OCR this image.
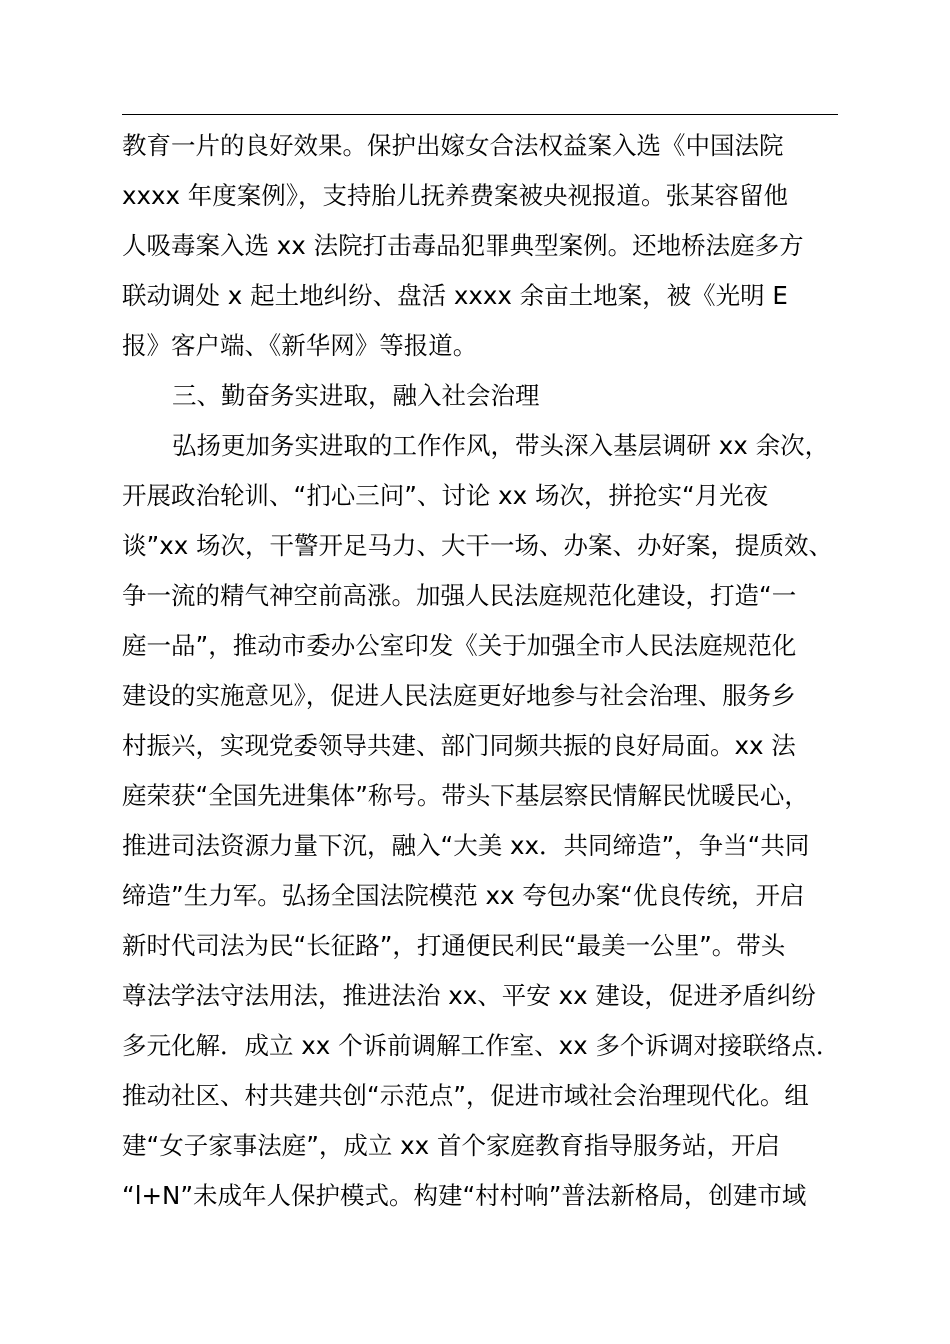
教育一片的良好效果。保护出嫁女合法权益案入选《中国法院
xxxx 年度案例》，支持胎儿抚养费案被央视报道。张某容留他
人吸毒案入选 xx 法院打击毒品犯罪典型案例。还地桥法庭多方
联动调处 x 起土地纠纷、盘活 xxxx 余亩土地案，被《光明 E
报》客户端、《新华网》等报道。
三、勤奋务实进取，融入社会治理
弘扬更加务实进取的工作作风，带头深入基层调研 xx 余次，
开展政治轮训、“扪心三问”、讨论 xx 场次，拼抢实“月光夜
谈”xx 场次，干警开足马力、大干一场、办案、办好案，提质效、
争一流的精气神空前高涨。加强人民法庭规范化建设，打造“一
庭一品”，推动市委办公室印发《关于加强全市人民法庭规范化
建设的实施意见》，促进人民法庭更好地参与社会治理、服务乡
村振兴，实现党委领导共建、部门同频共振的良好局面。xx 法
庭荣获“全国先进集体”称号。带头下基层察民情解民忧暖民心，
推进司法资源力量下沉，融入“大美 xx．共同缔造”，争当“共同
缔造”生力军。弘扬全国法院模范 xx 夸包办案“优良传统，开启
新时代司法为民“长征路”，打通便民利民“最美一公里”。带头
尊法学法守法用法，推进法治 xx、平安 xx 建设，促进矛盾纠纷
多元化解．成立 xx 个诉前调解工作室、xx 多个诉调对接联络点．
推动社区、村共建共创“示范点”，促进市域社会治理现代化。组
建“女子家事法庭”，成立 xx 首个家庭教育指导服务站，开启
“l+N”未成年人保护模式。构建“村村响”普法新格局，创建市域
